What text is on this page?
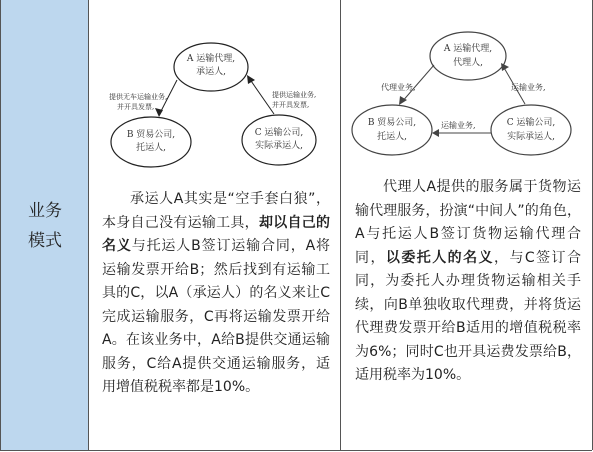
业务
模式
A 运输代理,
承运人,
B 贸易公司,
托运人,
C 运输公司,
实际承运人,
提供无车运输业务,
并开具发票,
提供运输业务,
并开具发票,
承运人A其实是“空手套白狼”，本身自己没有运输工具，却以自己的名义与托运人B签订运输合同，A将运输发票开给B；然后找到有运输工具的C，以A（承运人）的名义来让C完成运输服务，C再将运输发票开给A。在该业务中，A给B提供交通运输服务，C给A提供交通运输服务，适用增值税税率都是10%。
A 运输代理,
代理人,
B 贸易公司,
托运人,
C 运输公司,
实际承运人,
代理业务,	运输业务,
运输业务,
代理人A提供的服务属于货物运输代理服务，扮演“中间人”的角色，A与托运人B签订货物运输代理合同，以委托人的名义，与C签订合同，为委托人办理货物运输相关手续，向B单独收取代理费，并将货运代理费发票开给B适用的增值税税率为6%；同时C也开具运费发票给B，适用税率为10%。
